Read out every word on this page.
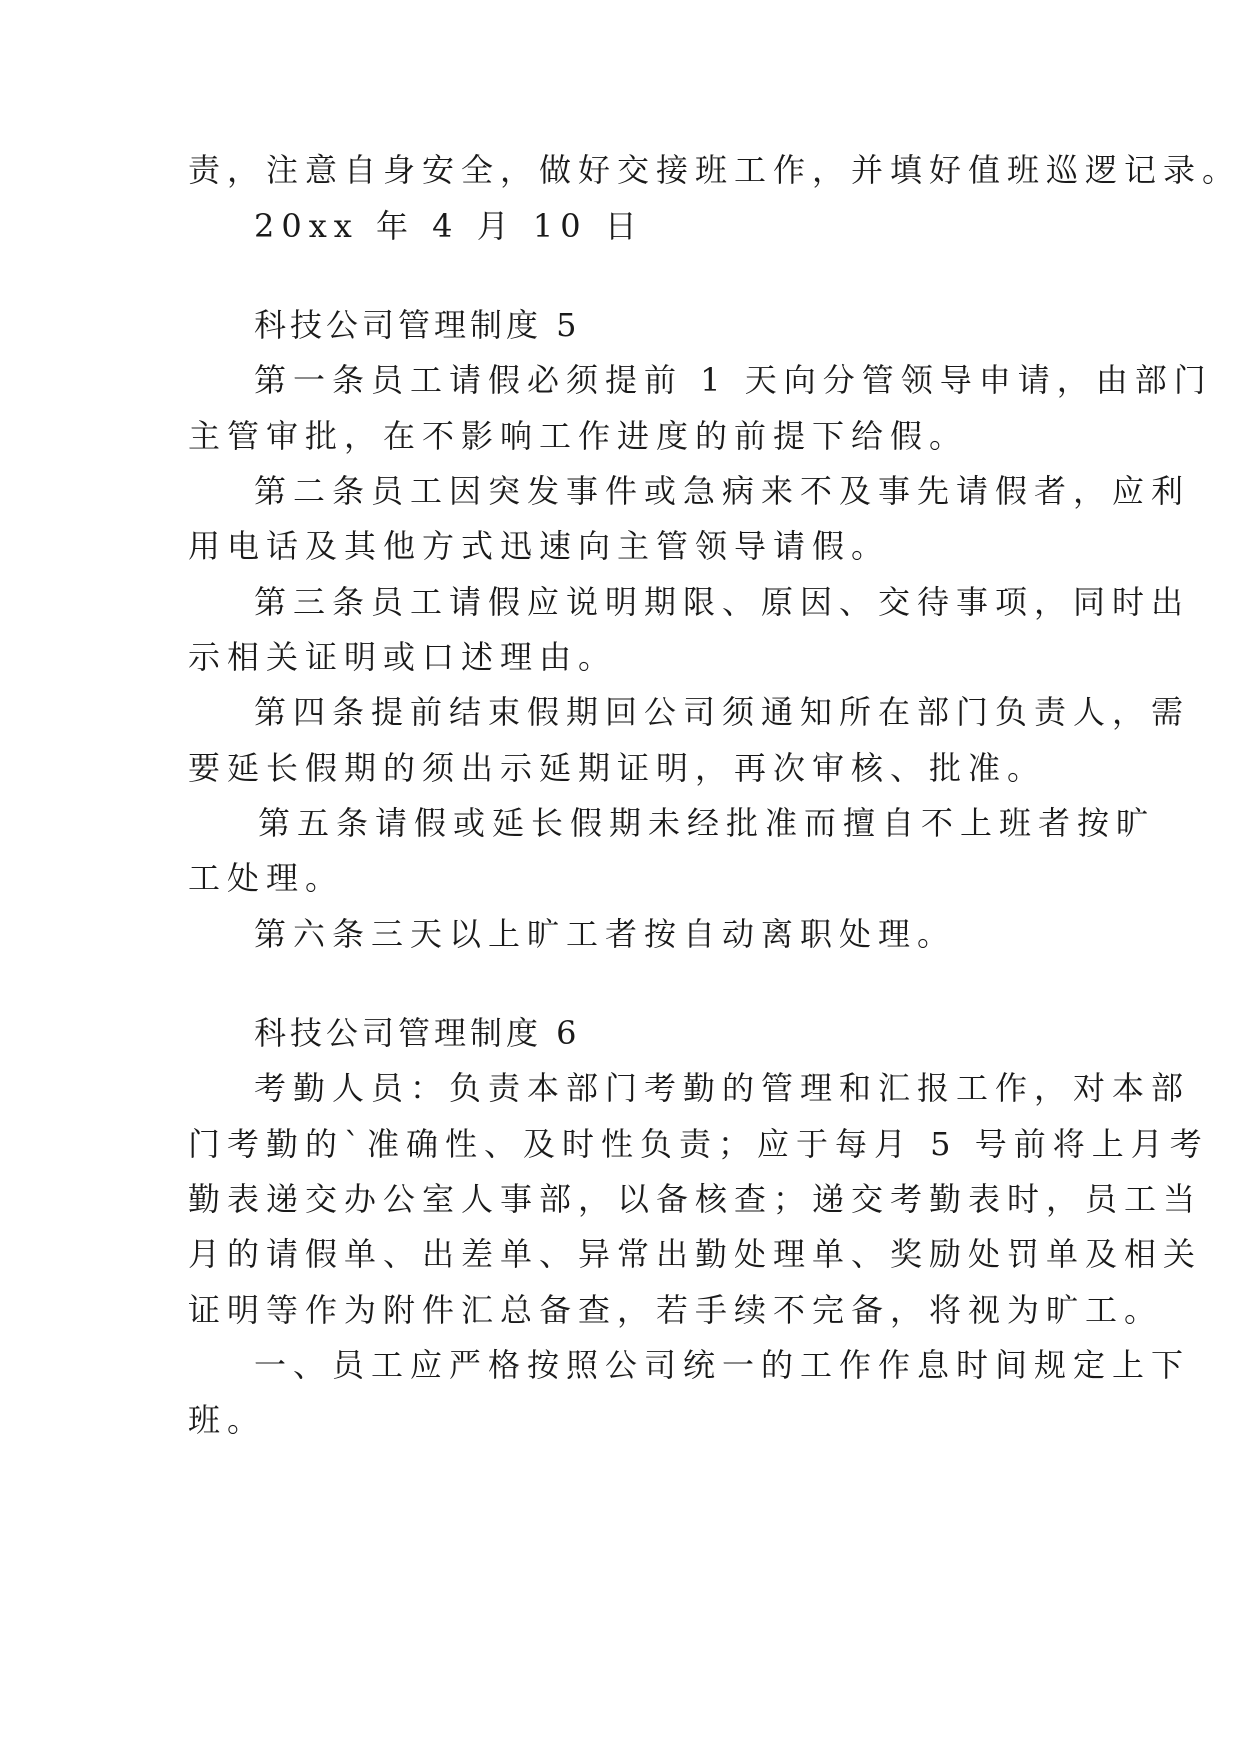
责，注意自身安全，做好交接班工作，并填好值班巡逻记录。
20xx 年 4 月 10 日
科技公司管理制度 5
第一条员工请假必须提前 1 天向分管领导申请，由部门
主管审批，在不影响工作进度的前提下给假。
第二条员工因突发事件或急病来不及事先请假者，应利
用电话及其他方式迅速向主管领导请假。
第三条员工请假应说明期限、原因、交待事项，同时出
示相关证明或口述理由。
第四条提前结束假期回公司须通知所在部门负责人，需
要延长假期的须出示延期证明，再次审核、批准。
第五条请假或延长假期未经批准而擅自不上班者按旷
工处理。
第六条三天以上旷工者按自动离职处理。
科技公司管理制度 6
考勤人员：负责本部门考勤的管理和汇报工作，对本部
门考勤的`准确性、及时性负责；应于每月 5 号前将上月考
勤表递交办公室人事部，以备核查；递交考勤表时，员工当
月的请假单、出差单、异常出勤处理单、奖励处罚单及相关
证明等作为附件汇总备查，若手续不完备，将视为旷工。
一、员工应严格按照公司统一的工作作息时间规定上下
班。
